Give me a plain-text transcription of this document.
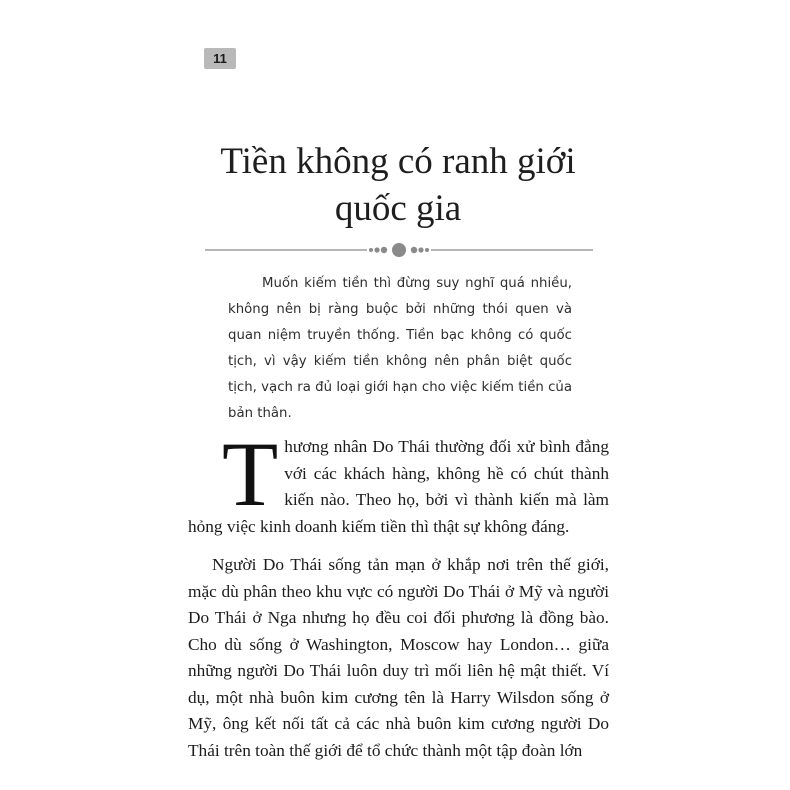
11
Tiền không có ranh giới
quốc gia

Muốn kiếm tiền thì đừng suy nghĩ quá nhiều, không nên bị ràng buộc bởi những thói quen và quan niệm truyền thống. Tiền bạc không có quốc tịch, vì vậy kiếm tiền không nên phân biệt quốc tịch, vạch ra đủ loại giới hạn cho việc kiếm tiền của bản thân.

Thương nhân Do Thái thường đối xử bình đẳng với các khách hàng, không hề có chút thành kiến nào. Theo họ, bởi vì thành kiến mà làm hỏng việc kinh doanh kiếm tiền thì thật sự không đáng.

Người Do Thái sống tản mạn ở khắp nơi trên thế giới, mặc dù phân theo khu vực có người Do Thái ở Mỹ và người Do Thái ở Nga nhưng họ đều coi đối phương là đồng bào. Cho dù sống ở Washington, Moscow hay London… giữa những người Do Thái luôn duy trì mối liên hệ mật thiết. Ví dụ, một nhà buôn kim cương tên là Harry Wilsdon sống ở Mỹ, ông kết nối tất cả các nhà buôn kim cương người Do Thái trên toàn thế giới để tổ chức thành một tập đoàn lớn
